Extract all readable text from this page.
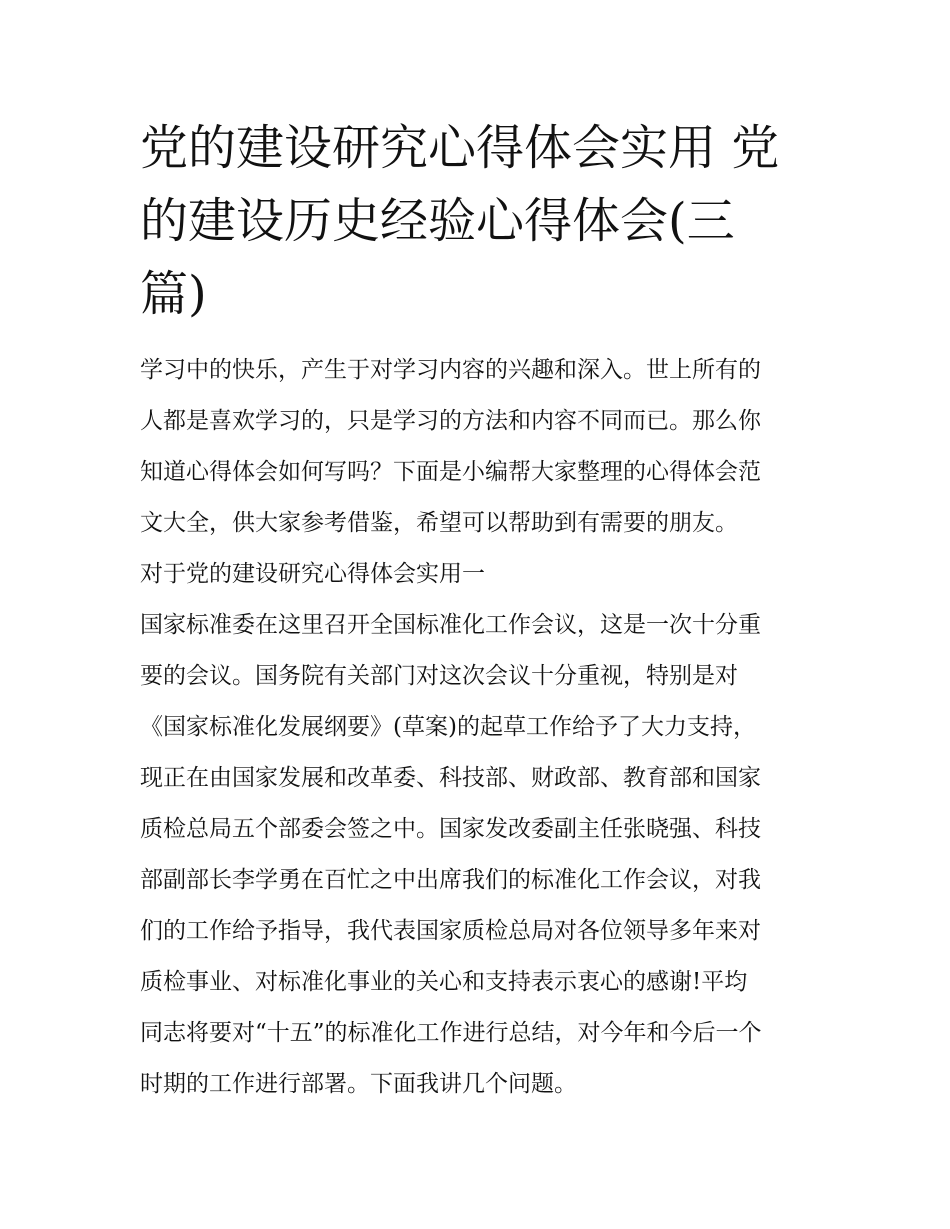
党的建设研究心得体会实用 党
的建设历史经验心得体会(三
篇)
学习中的快乐，产生于对学习内容的兴趣和深入。世上所有的
人都是喜欢学习的，只是学习的方法和内容不同而已。那么你
知道心得体会如何写吗？下面是小编帮大家整理的心得体会范
文大全，供大家参考借鉴，希望可以帮助到有需要的朋友。
对于党的建设研究心得体会实用一
国家标准委在这里召开全国标准化工作会议，这是一次十分重
要的会议。国务院有关部门对这次会议十分重视，特别是对
《国家标准化发展纲要》(草案)的起草工作给予了大力支持，
现正在由国家发展和改革委、科技部、财政部、教育部和国家
质检总局五个部委会签之中。国家发改委副主任张晓强、科技
部副部长李学勇在百忙之中出席我们的标准化工作会议，对我
们的工作给予指导，我代表国家质检总局对各位领导多年来对
质检事业、对标准化事业的关心和支持表示衷心的感谢!平均
同志将要对“十五”的标准化工作进行总结，对今年和今后一个
时期的工作进行部署。下面我讲几个问题。
